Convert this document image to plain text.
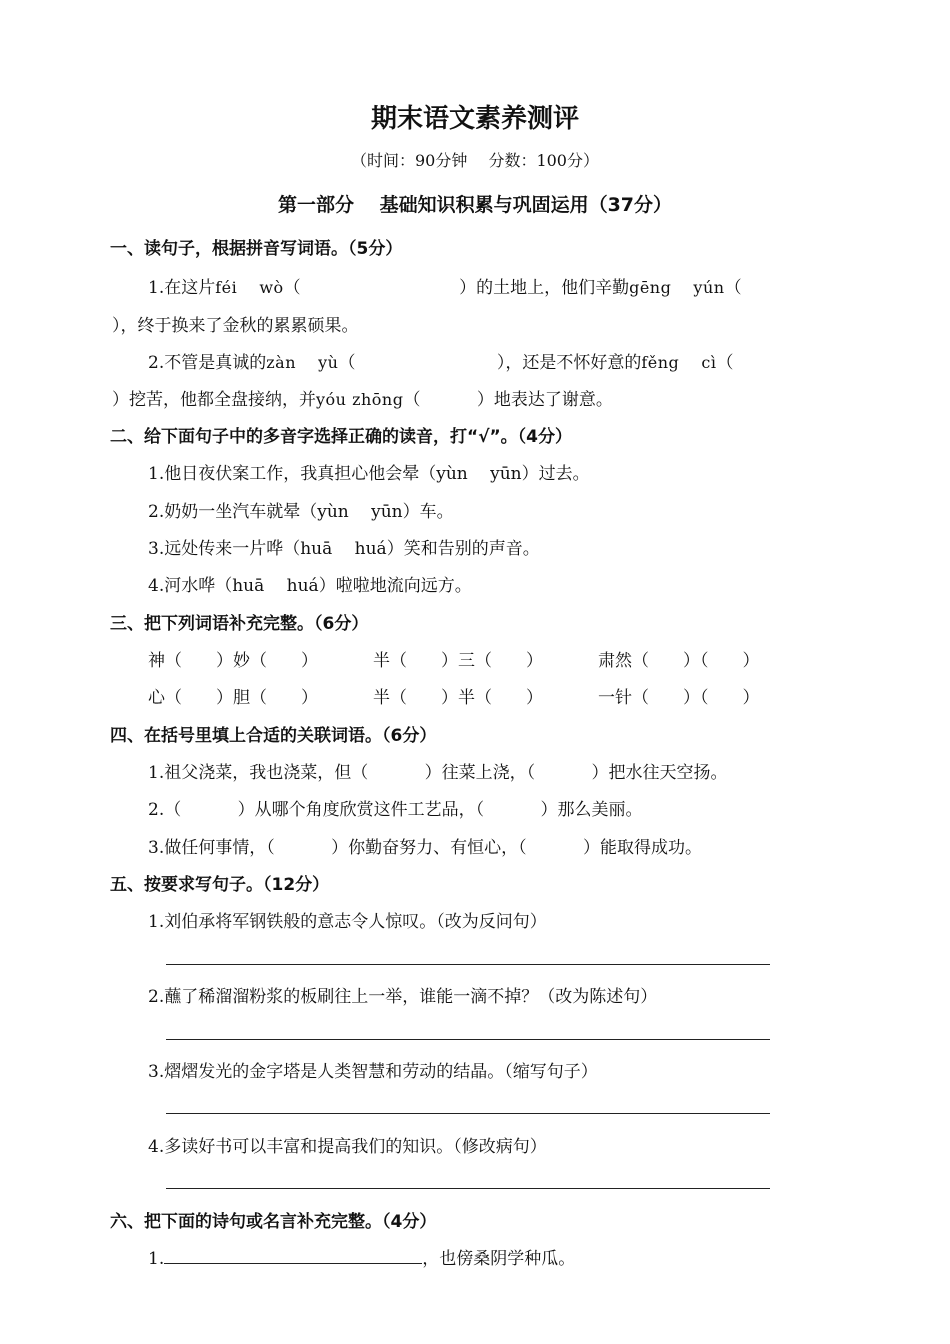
期末语文素养测评
（时间：90分钟　 分数：100分）
第一部分　 基础知识积累与巩固运用（37分）
一、读句子，根据拼音写词语。（5分）
1.在这片féi　 wò（　　　　　　　　　 ）的土地上，他们辛勤gēng　 yún（
），终于换来了金秋的累累硕果。
2.不管是真诚的zàn　 yù（　　　　　　　　 ），还是不怀好意的fěng　 cì（
）挖苦，他都全盘接纳，并yóu zhōng（　　　 ）地表达了谢意。
二、给下面句子中的多音字选择正确的读音，打“√”。（4分）
1.他日夜伏案工作，我真担心他会晕（yùn　 yūn）过去。
2.奶奶一坐汽车就晕（yùn　 yūn）车。
3.远处传来一片哗（huā　 huá）笑和告别的声音。
4.河水哗（huā　 huá）啦啦地流向远方。
三、把下列词语补充完整。（6分）
神（　　）妙（　　）	半（　　）三（　　）	肃然（　　）（　　）
心（　　）胆（　　）	半（　　）半（　　）	一针（　　）（　　）
四、在括号里填上合适的关联词语。（6分）
1.祖父浇菜，我也浇菜，但（　　　 ）往菜上浇，（　　　 ）把水往天空扬。
2.（　　　 ）从哪个角度欣赏这件工艺品，（　　　 ）那么美丽。
3.做任何事情，（　　　 ）你勤奋努力、有恒心，（　　　 ）能取得成功。
五、按要求写句子。（12分）
1.刘伯承将军钢铁般的意志令人惊叹。（改为反问句）
2.蘸了稀溜溜粉浆的板刷往上一举，谁能一滴不掉？（改为陈述句）
3.熠熠发光的金字塔是人类智慧和劳动的结晶。（缩写句子）
4.多读好书可以丰富和提高我们的知识。（修改病句）
六、把下面的诗句或名言补充完整。（4分）
1.	，也傍桑阴学种瓜。
